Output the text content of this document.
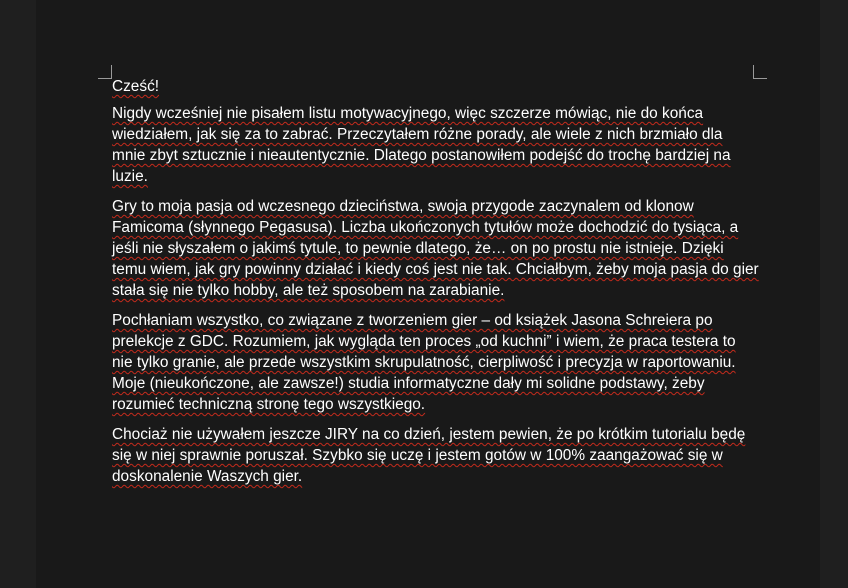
Cześć!

Nigdy wcześniej nie pisałem listu motywacyjnego, więc szczerze mówiąc, nie do końca wiedziałem, jak się za to zabrać. Przeczytałem różne porady, ale wiele z nich brzmiało dla mnie zbyt sztucznie i nieautentycznie. Dlatego postanowiłem podejść do trochę bardziej na luzie.

Gry to moja pasja od wczesnego dzieciństwa, swoja przygode zaczynalem od klonow Famicoma (słynnego Pegasusa). Liczba ukończonych tytułów może dochodzić do tysiąca, a jeśli nie słyszałem o jakimś tytule, to pewnie dlatego, że… on po prostu nie istnieje. Dzięki temu wiem, jak gry powinny działać i kiedy coś jest nie tak. Chciałbym, żeby moja pasja do gier stała się nie tylko hobby, ale też sposobem na zarabianie.

Pochłaniam wszystko, co związane z tworzeniem gier – od książek Jasona Schreiera po prelekcje z GDC. Rozumiem, jak wygląda ten proces „od kuchni” i wiem, że praca testera to nie tylko granie, ale przede wszystkim skrupulatność, cierpliwość i precyzja w raportowaniu. Moje (nieukończone, ale zawsze!) studia informatyczne dały mi solidne podstawy, żeby rozumieć techniczną stronę tego wszystkiego.

Chociaż nie używałem jeszcze JIRY na co dzień, jestem pewien, że po krótkim tutorialu będę się w niej sprawnie poruszał. Szybko się uczę i jestem gotów w 100% zaangażować się w doskonalenie Waszych gier.
